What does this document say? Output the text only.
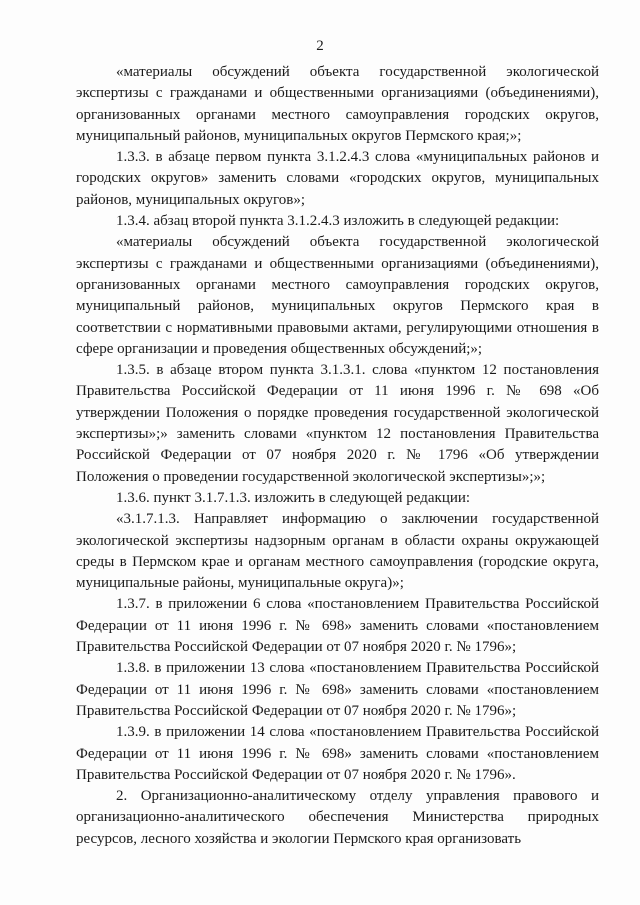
2

«материалы обсуждений объекта государственной экологической экспертизы с гражданами и общественными организациями (объединениями), организованных органами местного самоуправления городских округов, муниципальный районов, муниципальных округов Пермского края;»;

1.3.3. в абзаце первом пункта 3.1.2.4.3 слова «муниципальных районов и городских округов» заменить словами «городских округов, муниципальных районов, муниципальных округов»;

1.3.4. абзац второй пункта 3.1.2.4.3 изложить в следующей редакции:

«материалы обсуждений объекта государственной экологической экспертизы с гражданами и общественными организациями (объединениями), организованных органами местного самоуправления городских округов, муниципальный районов, муниципальных округов Пермского края в соответствии с нормативными правовыми актами, регулирующими отношения в сфере организации и проведения общественных обсуждений;»;

1.3.5. в абзаце втором пункта 3.1.3.1. слова «пунктом 12 постановления Правительства Российской Федерации от 11 июня 1996 г. № 698 «Об утверждении Положения о порядке проведения государственной экологической экспертизы»;» заменить словами «пунктом 12 постановления Правительства Российской Федерации от 07 ноября 2020 г. № 1796 «Об утверждении Положения о проведении государственной экологической экспертизы»;»;

1.3.6. пункт 3.1.7.1.3. изложить в следующей редакции:

«3.1.7.1.3. Направляет информацию о заключении государственной экологической экспертизы надзорным органам в области охраны окружающей среды в Пермском крае и органам местного самоуправления (городские округа, муниципальные районы, муниципальные округа)»;

1.3.7. в приложении 6 слова «постановлением Правительства Российской Федерации от 11 июня 1996 г. № 698» заменить словами «постановлением Правительства Российской Федерации от 07 ноября 2020 г. № 1796»;

1.3.8. в приложении 13 слова «постановлением Правительства Российской Федерации от 11 июня 1996 г. № 698» заменить словами «постановлением Правительства Российской Федерации от 07 ноября 2020 г. № 1796»;

1.3.9. в приложении 14 слова «постановлением Правительства Российской Федерации от 11 июня 1996 г. № 698» заменить словами «постановлением Правительства Российской Федерации от 07 ноября 2020 г. № 1796».

2. Организационно-аналитическому отделу управления правового и организационно-аналитического обеспечения Министерства природных ресурсов, лесного хозяйства и экологии Пермского края организовать
